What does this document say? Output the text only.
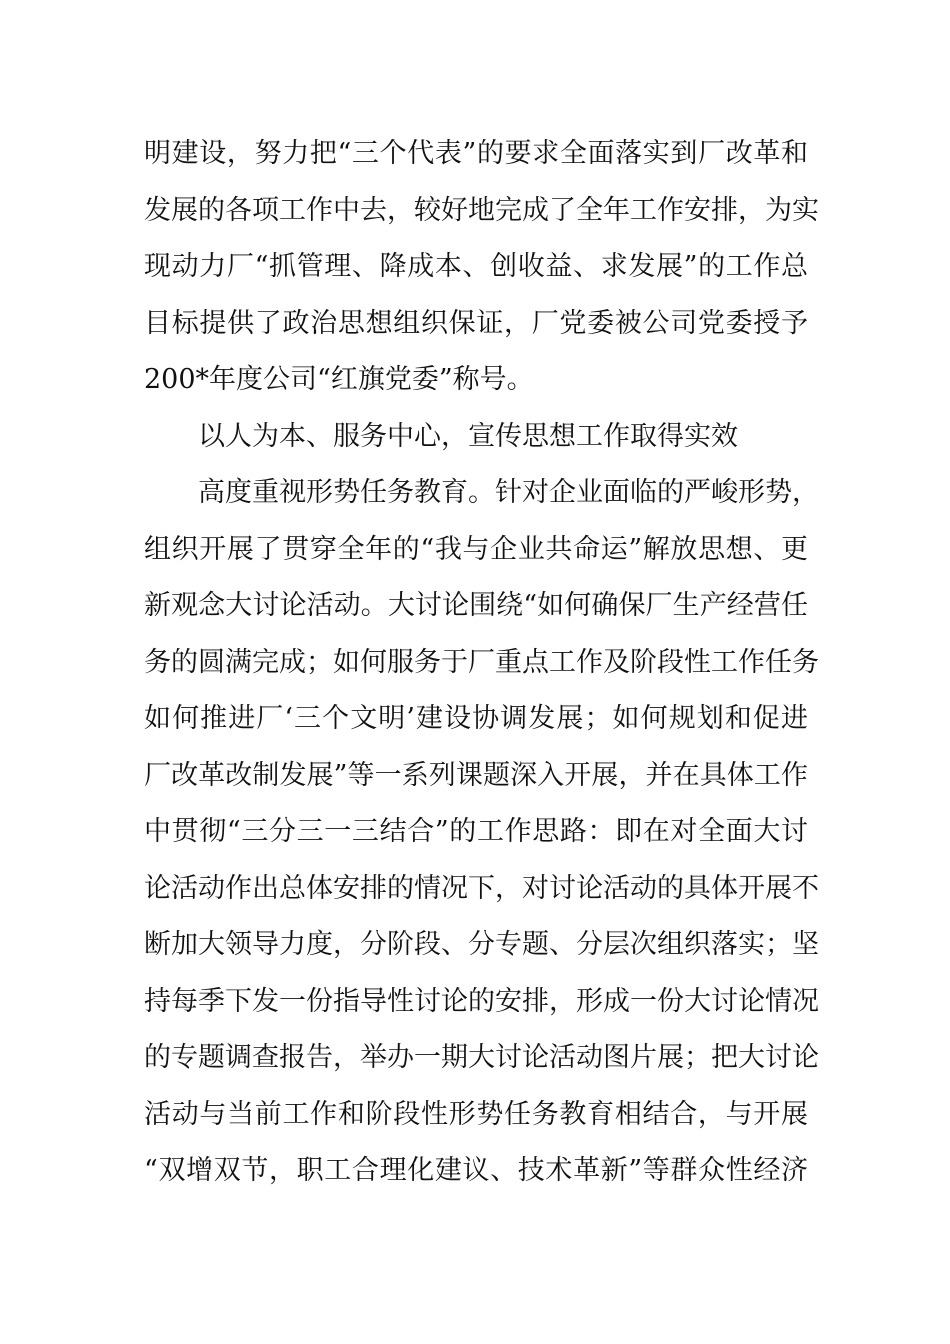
明建设，努力把“三个代表”的要求全面落实到厂改革和
发展的各项工作中去，较好地完成了全年工作安排，为实
现动力厂“抓管理、降成本、创收益、求发展”的工作总
目标提供了政治思想组织保证，厂党委被公司党委授予
200*年度公司“红旗党委”称号。
以人为本、服务中心，宣传思想工作取得实效
高度重视形势任务教育。针对企业面临的严峻形势，
组织开展了贯穿全年的“我与企业共命运”解放思想、更
新观念大讨论活动。大讨论围绕“如何确保厂生产经营任
务的圆满完成；如何服务于厂重点工作及阶段性工作任务
如何推进厂‘三个文明’建设协调发展；如何规划和促进
厂改革改制发展”等一系列课题深入开展，并在具体工作
中贯彻“三分三一三结合”的工作思路：即在对全面大讨
论活动作出总体安排的情况下，对讨论活动的具体开展不
断加大领导力度，分阶段、分专题、分层次组织落实；坚
持每季下发一份指导性讨论的安排，形成一份大讨论情况
的专题调查报告，举办一期大讨论活动图片展；把大讨论
活动与当前工作和阶段性形势任务教育相结合，与开展
“双增双节，职工合理化建议、技术革新”等群众性经济
